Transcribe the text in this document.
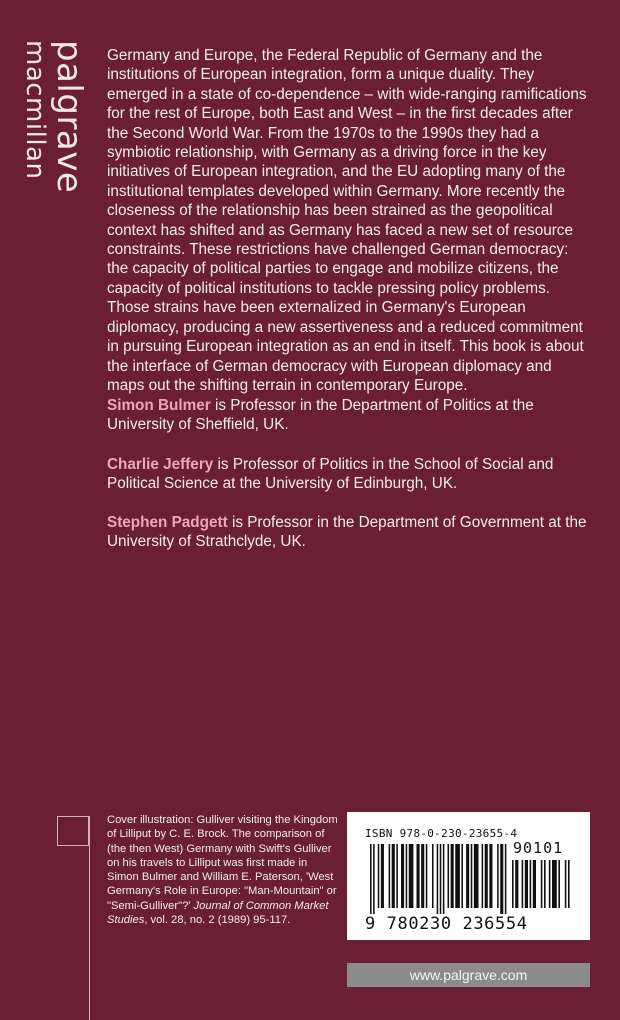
palgrave
macmillan	Germany and Europe, the Federal Republic of Germany and the institutions of European integration, form a unique duality. They emerged in a state of co-dependence – with wide-ranging ramifications for the rest of Europe, both East and West – in the first decades after the Second World War. From the 1970s to the 1990s they had a symbiotic relationship, with Germany as a driving force in the key initiatives of European integration, and the EU adopting many of the institutional templates developed within Germany. More recently the closeness of the relationship has been strained as the geopolitical context has shifted and as Germany has faced a new set of resource constraints. These restrictions have challenged German democracy: the capacity of political parties to engage and mobilize citizens, the capacity of political institutions to tackle pressing policy problems. Those strains have been externalized in Germany's European diplomacy, producing a new assertiveness and a reduced commitment in pursuing European integration as an end in itself. This book is about the interface of German democracy with European diplomacy and maps out the shifting terrain in contemporary Europe.

Simon Bulmer is Professor in the Department of Politics at the University of Sheffield, UK.

Charlie Jeffery is Professor of Politics in the School of Social and Political Science at the University of Edinburgh, UK.

Stephen Padgett is Professor in the Department of Government at the University of Strathclyde, UK.

Cover illustration: Gulliver visiting the Kingdom of Lilliput by C. E. Brock. The comparison of (the then West) Germany with Swift's Gulliver on his travels to Lilliput was first made in Simon Bulmer and William E. Paterson, 'West Germany's Role in Europe: "Man-Mountain" or "Semi-Gulliver"?' Journal of Common Market Studies, vol. 28, no. 2 (1989) 95-117.

ISBN 978-0-230-23655-4
90101
9 780230 236554
www.palgrave.com
